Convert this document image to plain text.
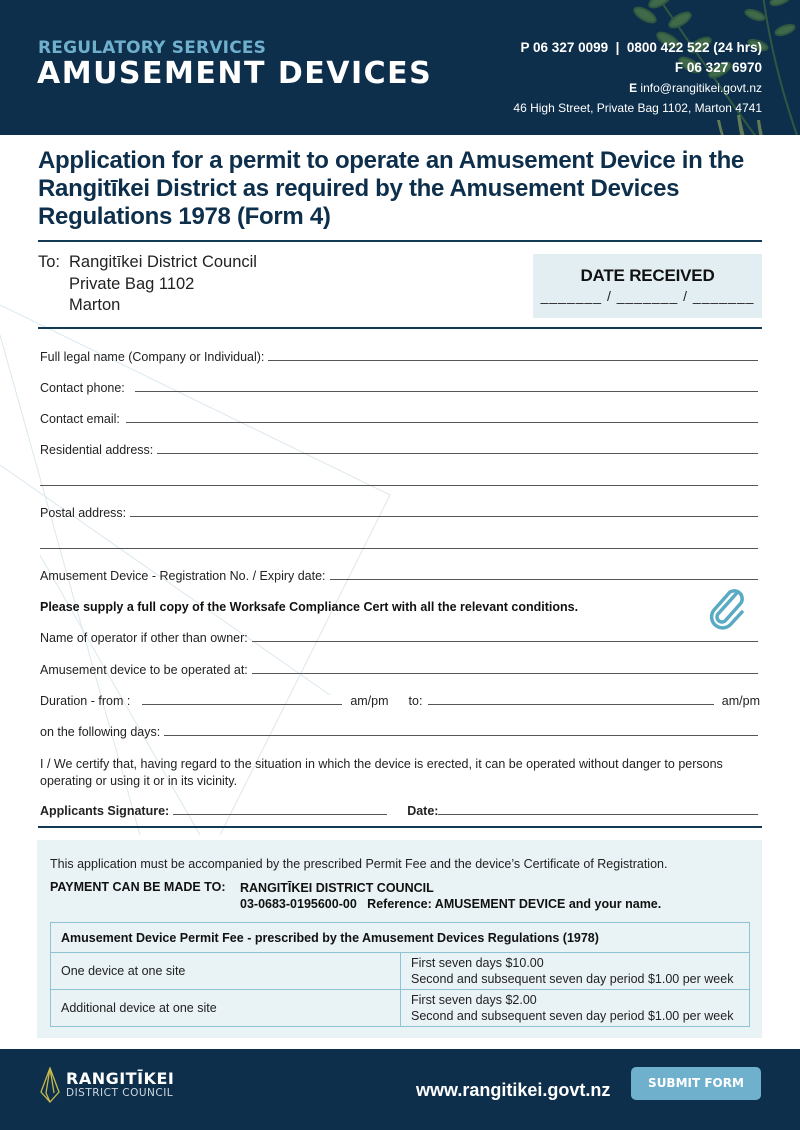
REGULATORY SERVICES
AMUSEMENT DEVICES
P 06 327 0099  |  0800 422 522 (24 hrs)
F 06 327 6970
E info@rangitikei.govt.nz
46 High Street, Private Bag 1102, Marton 4741
Application for a permit to operate an Amusement Device in the Rangitīkei District as required by the Amusement Devices Regulations 1978 (Form 4)
To: Rangitīkei District Council
Private Bag 1102
Marton
DATE RECEIVED
_______ / _______ / _______
Full legal name (Company or Individual):
Contact phone:
Contact email:
Residential address:
Postal address:
Amusement Device - Registration No. / Expiry date:
Please supply a full copy of the Worksafe Compliance Cert with all the relevant conditions.
Name of operator if other than owner:
Amusement device to be operated at:
Duration - from :	am/pm	to:	am/pm
on the following days:
I / We certify that, having regard to the situation in which the device is erected, it can be operated without danger to persons operating or using it or in its vicinity.
Applicants Signature:	Date:
This application must be accompanied by the prescribed Permit Fee and the device’s Certificate of Registration.
PAYMENT CAN BE MADE TO: RANGITĪKEI DISTRICT COUNCIL
03-0683-0195600-00   Reference: AMUSEMENT DEVICE and your name.
Amusement Device Permit Fee - prescribed by the Amusement Devices Regulations (1978)	
One device at one site	First seven days $10.00
Second and subsequent seven day period $1.00 per week

Additional device at one site	First seven days $2.00
Second and subsequent seven day period $1.00 per week
RANGITĪKEI
DISTRICT COUNCIL	www.rangitikei.govt.nz	SUBMIT FORM
